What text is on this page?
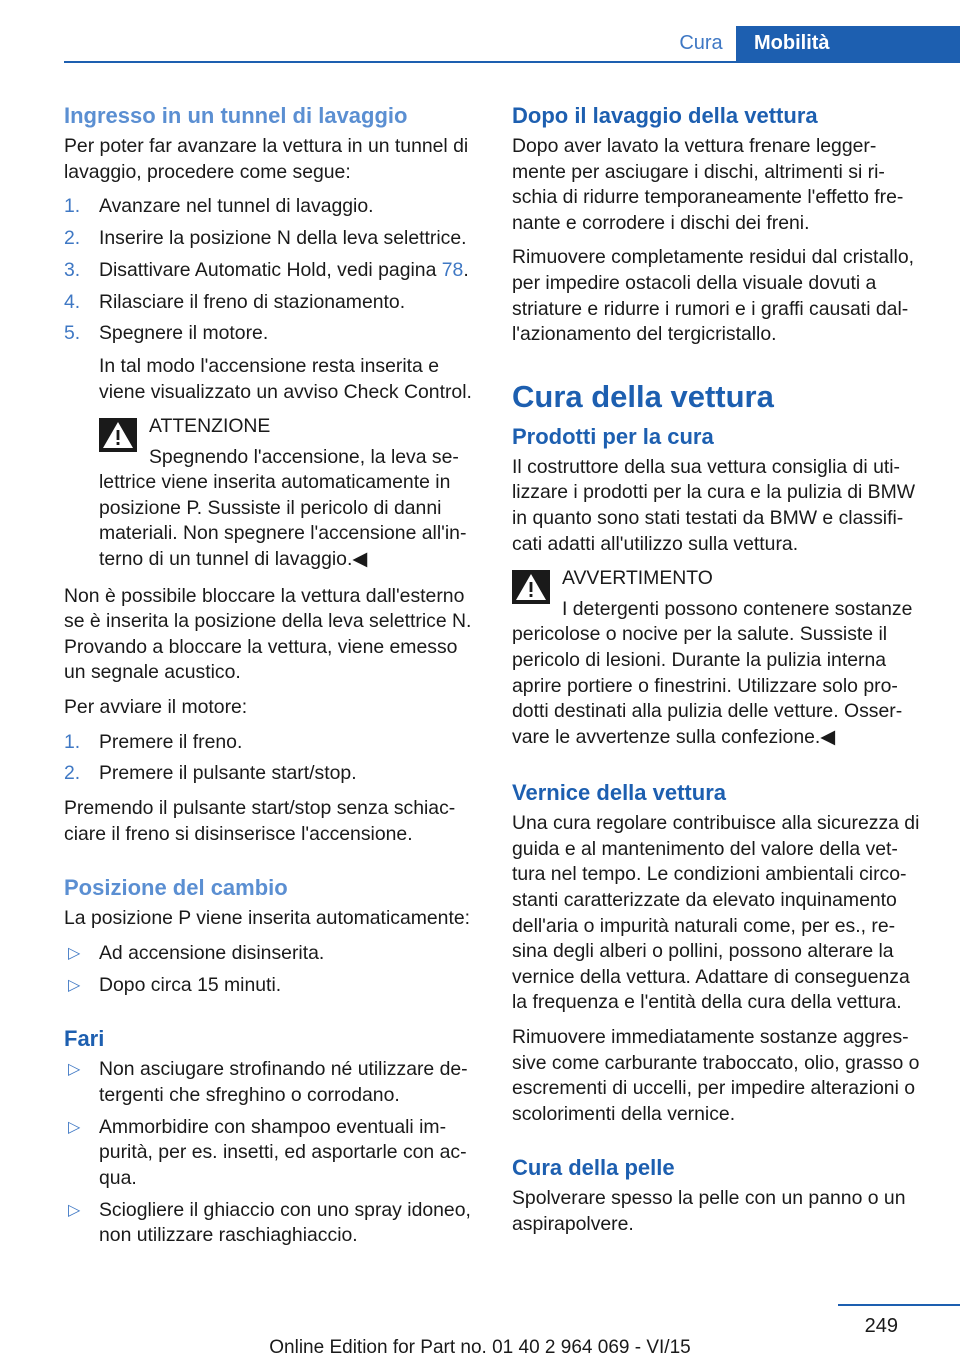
Cura	Mobilità
Ingresso in un tunnel di lavaggio

Per poter far avanzare la vettura in un tunnel di lavaggio, procedere come segue:

1. Avanzare nel tunnel di lavaggio.
2. Inserire la posizione N della leva selettrice.
3. Disattivare Automatic Hold, vedi pagina 78.
4. Rilasciare il freno di stazionamento.
5. Spegnere il motore.
In tal modo l'accensione resta inserita e viene visualizzato un avviso Check Control.
ATTENZIONE
Spegnendo l'accensione, la leva se-
lettrice viene inserita automaticamente in posizione P. Sussiste il pericolo di danni materiali. Non spegnere l'accensione all'in-terno di un tunnel di lavaggio.◀

Non è possibile bloccare la vettura dall'esterno se è inserita la posizione della leva selettrice N. Provando a bloccare la vettura, viene emesso un segnale acustico.

Per avviare il motore:

1. Premere il freno.
2. Premere il pulsante start/stop.

Premendo il pulsante start/stop senza schiac-ciare il freno si disinserisce l'accensione.

Posizione del cambio

La posizione P viene inserita automaticamente:

▷ Ad accensione disinserita.
▷ Dopo circa 15 minuti.
Fari
▷ Non asciugare strofinando né utilizzare de-tergenti che sfreghino o corrodano.
▷ Ammorbidire con shampoo eventuali im-purità, per es. insetti, ed asportarle con ac-qua.
▷ Sciogliere il ghiaccio con uno spray idoneo, non utilizzare raschiaghiaccio.
Dopo il lavaggio della vettura

Dopo aver lavato la vettura frenare legger-mente per asciugare i dischi, altrimenti si ri-schia di ridurre temporaneamente l'effetto fre-nante e corrodere i dischi dei freni.

Rimuovere completamente residui dal cristallo, per impedire ostacoli della visuale dovuti a striature e ridurre i rumori e i graffi causati dal-l'azionamento del tergicristallo.

Cura della vettura
Prodotti per la cura

Il costruttore della sua vettura consiglia di uti-lizzare i prodotti per la cura e la pulizia di BMW in quanto sono stati testati da BMW e classifi-cati adatti all'utilizzo sulla vettura.

AVVERTIMENTO
I detergenti possono contenere sostanze
pericolose o nocive per la salute. Sussiste il pericolo di lesioni. Durante la pulizia interna aprire portiere o finestrini. Utilizzare solo pro-dotti destinati alla pulizia delle vetture. Osser-vare le avvertenze sulla confezione.◀
Vernice della vettura

Una cura regolare contribuisce alla sicurezza di guida e al mantenimento del valore della vet-tura nel tempo. Le condizioni ambientali circo-stanti caratterizzate da elevato inquinamento dell'aria o impurità naturali come, per es., re-sina degli alberi o pollini, possono alterare la vernice della vettura. Adattare di conseguenza la frequenza e l'entità della cura della vettura.

Rimuovere immediatamente sostanze aggres-sive come carburante traboccato, olio, grasso o escrementi di uccelli, per impedire alterazioni o scolorimenti della vernice.

Cura della pelle

Spolverare spesso la pelle con un panno o un aspirapolvere.

249
Online Edition for Part no. 01 40 2 964 069 - VI/15
